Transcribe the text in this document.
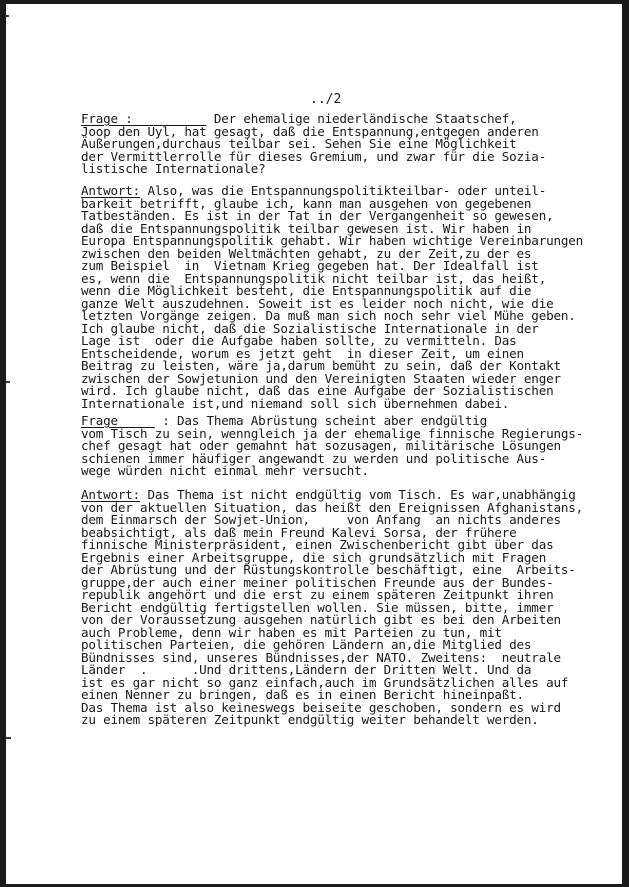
../2
Frage :           Der ehemalige niederländische Staatschef,
Joop den Uyl, hat gesagt, daß die Entspannung,entgegen anderen
Äußerungen,durchaus teilbar sei. Sehen Sie eine Möglichkeit
der Vermittlerrolle für dieses Gremium, und zwar für die Sozia-
listische Internationale?
Antwort: Also, was die Entspannungspolitikteilbar- oder unteil-
barkeit betrifft, glaube ich, kann man ausgehen von gegebenen
Tatbeständen. Es ist in der Tat in der Vergangenheit so gewesen,
daß die Entspannungspolitik teilbar gewesen ist. Wir haben in
Europa Entspannungspolitik gehabt. Wir haben wichtige Vereinbarungen
zwischen den beiden Weltmächten gehabt, zu der Zeit,zu der es
zum Beispiel  in  Vietnam Krieg gegeben hat. Der Idealfall ist
es, wenn die  Entspannungspolitik nicht teilbar ist, das heißt,
wenn die Möglichkeit besteht, die Entspannungspolitik auf die
ganze Welt auszudehnen. Soweit ist es leider noch nicht, wie die
letzten Vorgänge zeigen. Da muß man sich noch sehr viel Mühe geben.
Ich glaube nicht, daß die Sozialistische Internationale in der
Lage ist  oder die Aufgabe haben sollte, zu vermitteln. Das
Entscheidende, worum es jetzt geht  in dieser Zeit, um einen
Beitrag zu leisten, wäre ja,darum bemüht zu sein, daß der Kontakt
zwischen der Sowjetunion und den Vereinigten Staaten wieder enger
wird. Ich glaube nicht, daß das eine Aufgabe der Sozialistischen
Internationale ist,und niemand soll sich übernehmen dabei.
Frage      : Das Thema Abrüstung scheint aber endgültig
vom Tisch zu sein, wenngleich ja der ehemalige finnische Regierungs-
chef gesagt hat oder gemahnt hat sozusagen, militärische Lösungen
schienen immer häufiger angewandt zu werden und politische Aus-
wege würden nicht einmal mehr versucht.
Antwort: Das Thema ist nicht endgültig vom Tisch. Es war,unabhängig
von der aktuellen Situation, das heißt den Ereignissen Afghanistans,
dem Einmarsch der Sowjet-Union,     von Anfang  an nichts anderes
beabsichtigt, als daß mein Freund Kalevi Sorsa, der frühere
finnische Ministerpräsident, einen Zwischenbericht gibt über das
Ergebnis einer Arbeitsgruppe, die sich grundsätzlich mit Fragen
der Abrüstung und der Rüstungskontrolle beschäftigt, eine  Arbeits-
gruppe,der auch einer meiner politischen Freunde aus der Bundes-
republik angehört und die erst zu einem späteren Zeitpunkt ihren
Bericht endgültig fertigstellen wollen. Sie müssen, bitte, immer
von der Voraussetzung ausgehen natürlich gibt es bei den Arbeiten
auch Probleme, denn wir haben es mit Parteien zu tun, mit
politischen Parteien, die gehören Ländern an,die Mitglied des
Bündnisses sind, unseres Bündnisses,der NATO. Zweitens:  neutrale
Länder  .      .Und drittens,Ländern der Dritten Welt. Und da
ist es gar nicht so ganz einfach,auch im Grundsätzlichen alles auf
einen Nenner zu bringen, daß es in einen Bericht hineinpaßt.
Das Thema ist also keineswegs beiseite geschoben, sondern es wird
zu einem späteren Zeitpunkt endgültig weiter behandelt werden.
